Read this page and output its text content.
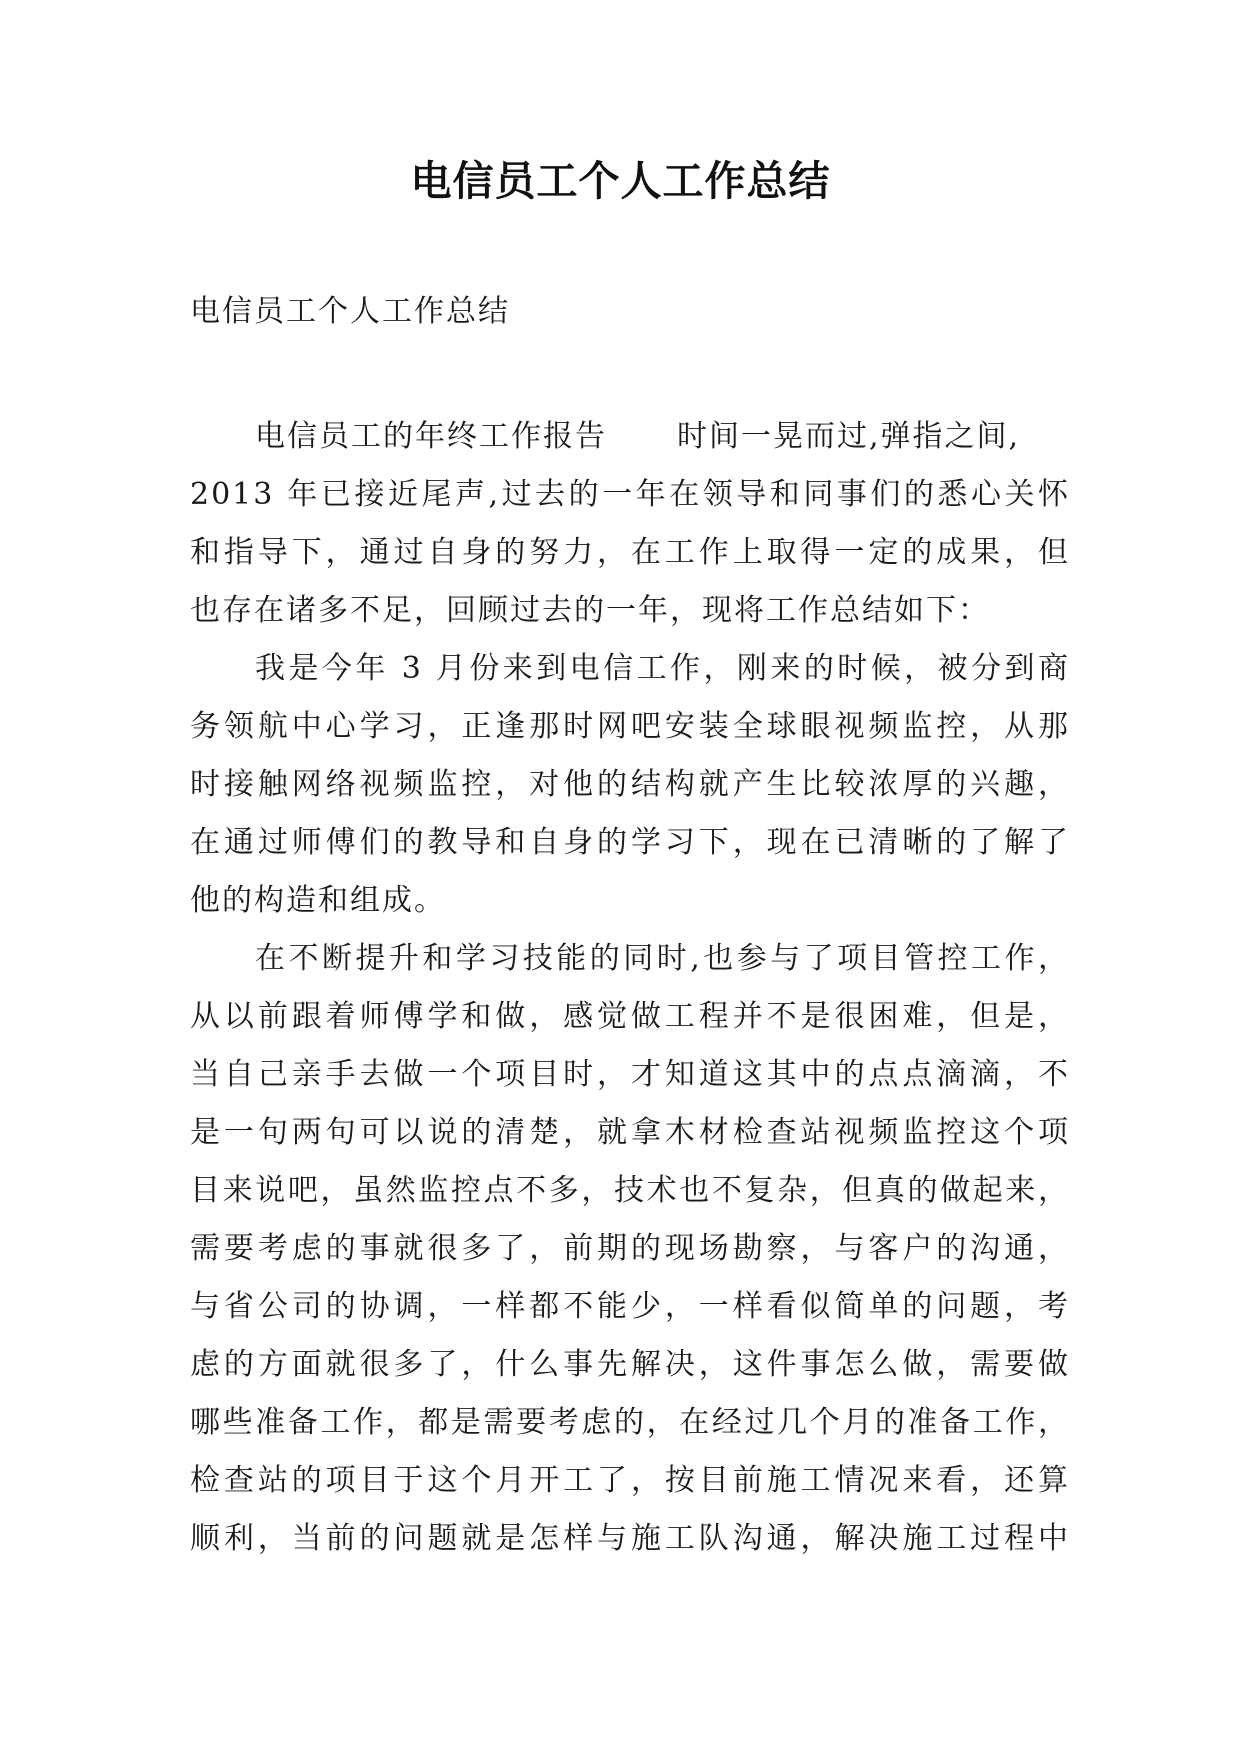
电信员工个人工作总结
电信员工个人工作总结
电信员工的年终工作报告 时间一晃而过,弹指之间,
2013 年已接近尾声,过去的一年在领导和同事们的悉心关怀
和指导下，通过自身的努力，在工作上取得一定的成果，但
也存在诸多不足，回顾过去的一年，现将工作总结如下：
我是今年 3 月份来到电信工作，刚来的时候，被分到商
务领航中心学习，正逢那时网吧安装全球眼视频监控，从那
时接触网络视频监控，对他的结构就产生比较浓厚的兴趣，
在通过师傅们的教导和自身的学习下，现在已清晰的了解了
他的构造和组成。
在不断提升和学习技能的同时,也参与了项目管控工作，
从以前跟着师傅学和做，感觉做工程并不是很困难，但是，
当自己亲手去做一个项目时，才知道这其中的点点滴滴，不
是一句两句可以说的清楚，就拿木材检查站视频监控这个项
目来说吧，虽然监控点不多，技术也不复杂，但真的做起来，
需要考虑的事就很多了，前期的现场勘察，与客户的沟通，
与省公司的协调，一样都不能少，一样看似简单的问题，考
虑的方面就很多了，什么事先解决，这件事怎么做，需要做
哪些准备工作，都是需要考虑的，在经过几个月的准备工作，
检查站的项目于这个月开工了，按目前施工情况来看，还算
顺利，当前的问题就是怎样与施工队沟通，解决施工过程中
